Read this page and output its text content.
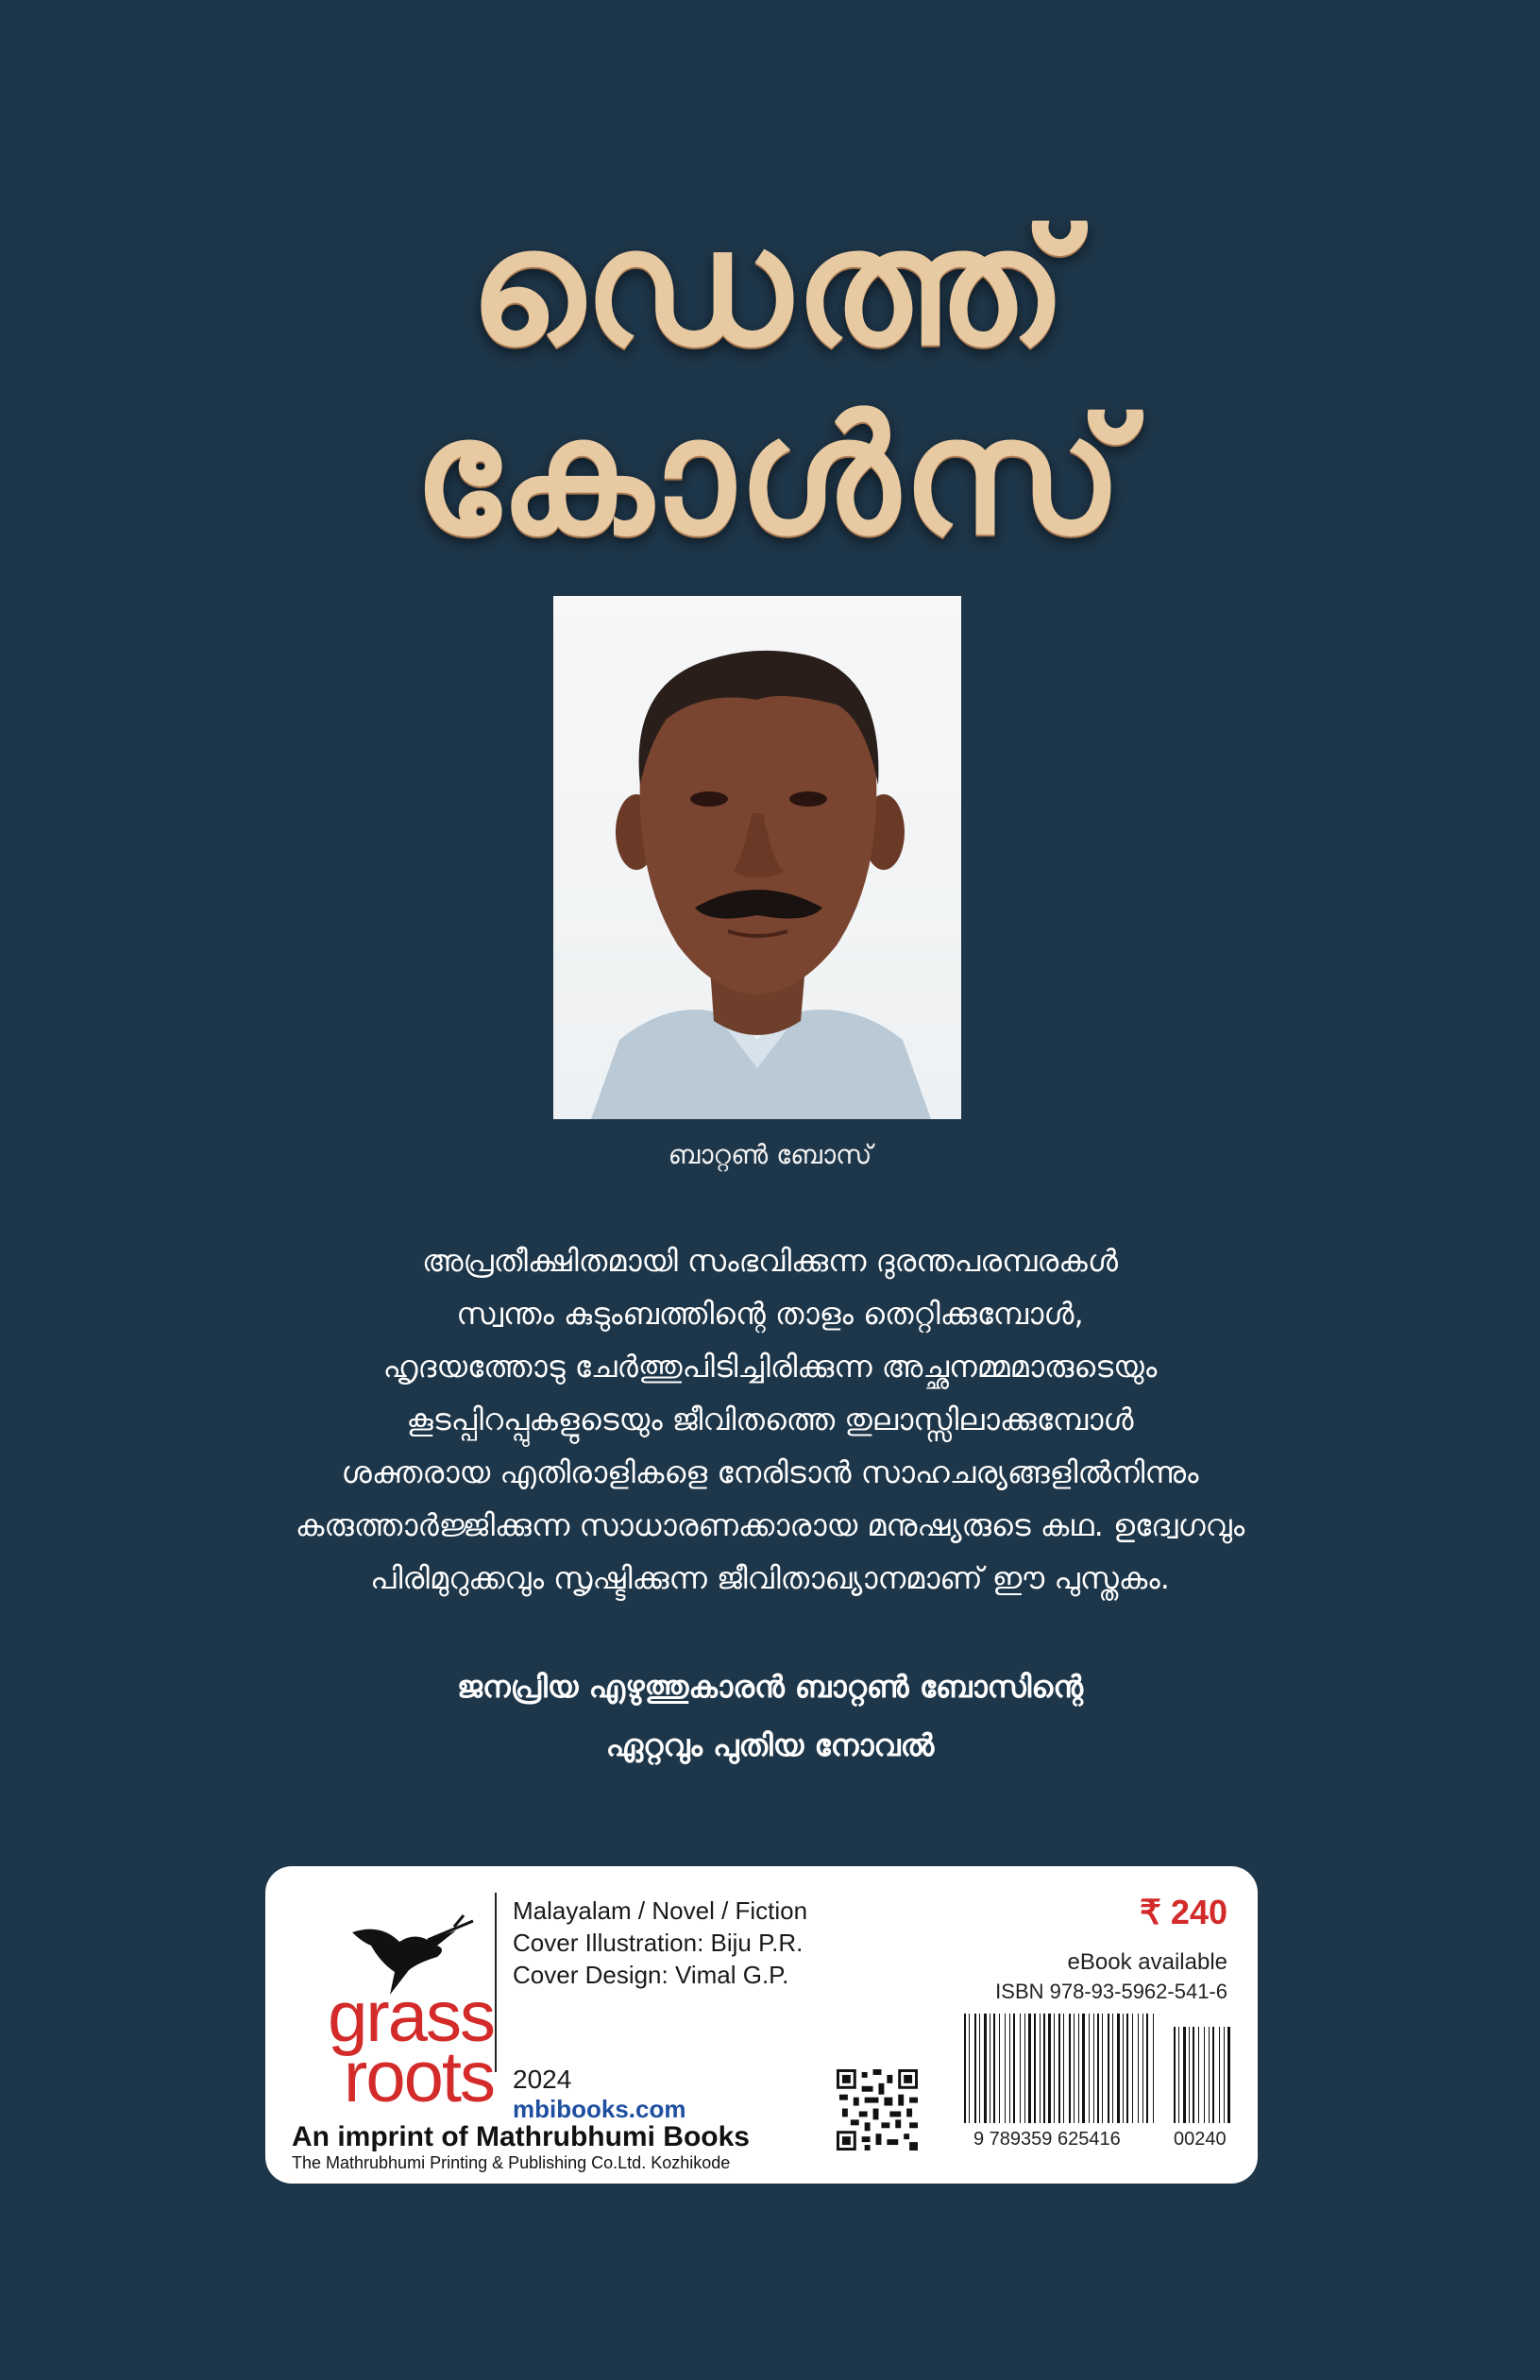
ഡെത്ത്
കോൾസ്
ബാറ്റൺ ബോസ്
അപ്രതീക്ഷിതമായി സംഭവിക്കുന്ന ദുരന്തപരമ്പരകൾ
സ്വന്തം കുടുംബത്തിന്റെ താളം തെറ്റിക്കുമ്പോൾ,
ഹൃദയത്തോടു ചേർത്തുപിടിച്ചിരിക്കുന്ന അച്ഛനമ്മമാരുടെയും
കൂടപ്പിറപ്പുകളുടെയും ജീവിതത്തെ തുലാസ്സിലാക്കുമ്പോൾ
ശക്തരായ എതിരാളികളെ നേരിടാൻ സാഹചര്യങ്ങളിൽനിന്നും
കരുത്താർജ്ജിക്കുന്ന സാധാരണക്കാരായ മനുഷ്യരുടെ കഥ. ഉദ്വേഗവും
പിരിമുറുക്കവും സൃഷ്ടിക്കുന്ന ജീവിതാഖ്യാനമാണ് ഈ പുസ്തകം.
ജനപ്രിയ എഴുത്തുകാരൻ ബാറ്റൺ ബോസിന്റെ
ഏറ്റവും പുതിയ നോവൽ
grass
roots
Malayalam / Novel / Fiction
Cover Illustration: Biju P.R.
Cover Design: Vimal G.P.
2024
mbibooks.com
An imprint of Mathrubhumi Books
The Mathrubhumi Printing & Publishing Co.Ltd. Kozhikode
₹ 240
eBook available
ISBN 978-93-5962-541-6
9 789359 625416	00240
